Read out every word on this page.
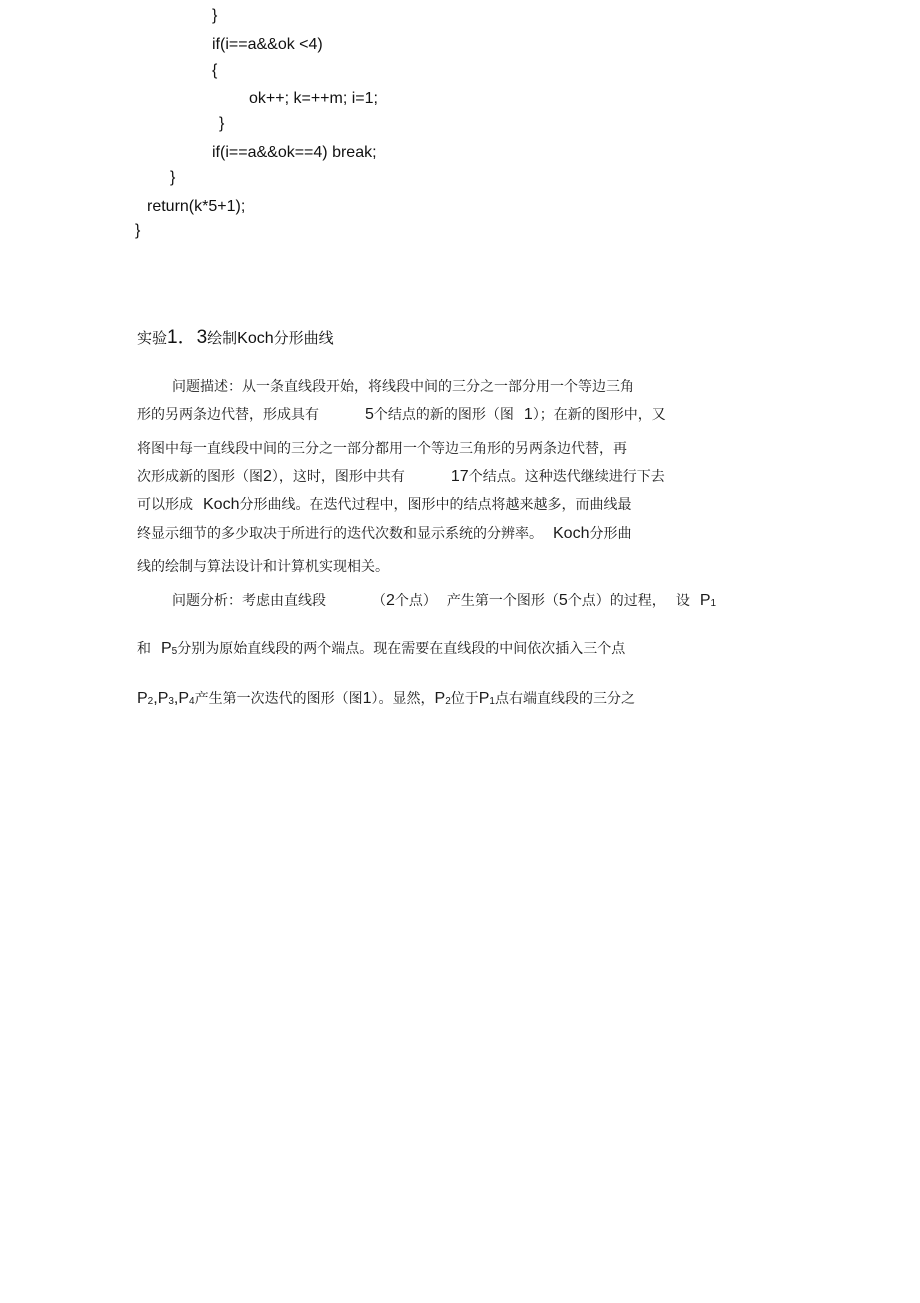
}
if(i==a&&ok <4)
{
ok++; k=++m; i=1;
}
if(i==a&&ok==4) break;
}
return(k*5+1);
}
实验1．3绘制Koch分形曲线
问题描述：从一条直线段开始，将线段中间的三分之一部分用一个等边三角
形的另两条边代替，形成具有	5个结点的新的图形（图 1）；在新的图形中，又
将图中每一直线段中间的三分之一部分都用一个等边三角形的另两条边代替，再
次形成新的图形（图2），这时，图形中共有	17个结点。这种迭代继续进行下去
可以形成 Koch分形曲线。在迭代过程中，图形中的结点将越来越多，而曲线最
终显示细节的多少取决于所进行的迭代次数和显示系统的分辨率。 Koch分形曲
线的绘制与算法设计和计算机实现相关。
问题分析：考虑由直线段	（2个点） 产生第一个图形（5个点）的过程， 设 $P_1$
和 $P_5$分别为原始直线段的两个端点。现在需要在直线段的中间依次插入三个点
$P_2,P_3,P_4$产生第一次迭代的图形（图1）。显然，$P_2$位于$P_1$点右端直线段的三分之
